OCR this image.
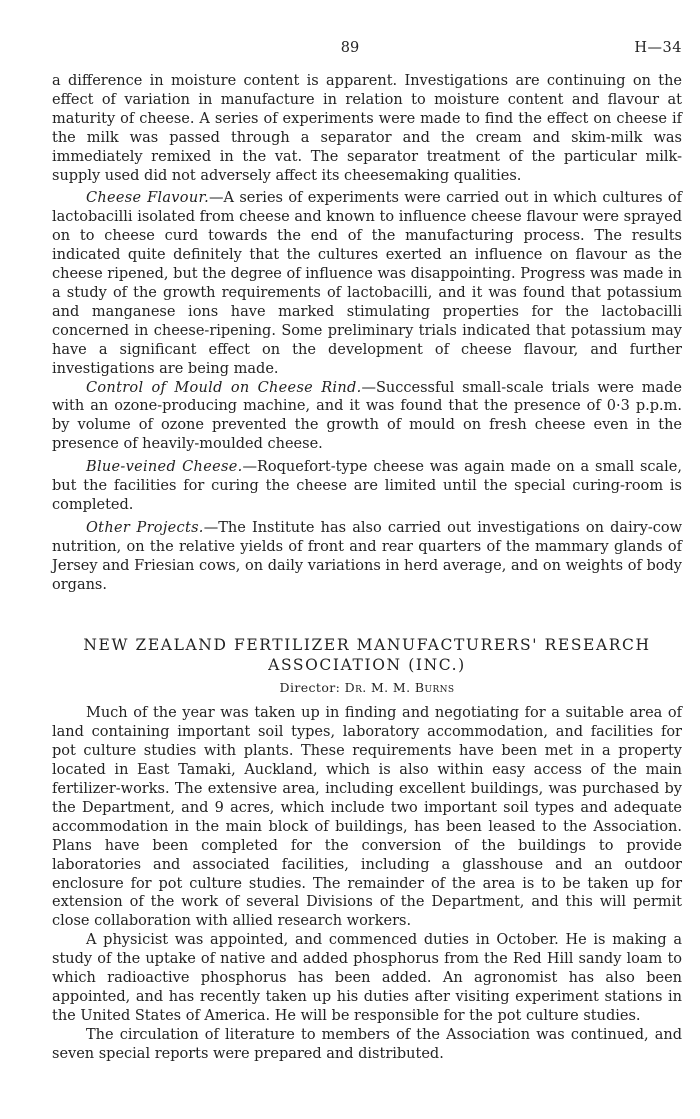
89	H—34

a difference in moisture content is apparent. Investigations are continuing on the effect of variation in manufacture in relation to moisture content and flavour at maturity of cheese. A series of experiments were made to find the effect on cheese if the milk was passed through a separator and the cream and skim-milk was immediately remixed in the vat. The separator treatment of the particular milk-supply used did not adversely affect its cheesemaking qualities.

Cheese Flavour.—A series of experiments were carried out in which cultures of lactobacilli isolated from cheese and known to influence cheese flavour were sprayed on to cheese curd towards the end of the manufacturing process. The results indicated quite definitely that the cultures exerted an influence on flavour as the cheese ripened, but the degree of influence was disappointing. Progress was made in a study of the growth requirements of lactobacilli, and it was found that potassium and manganese ions have marked stimulating properties for the lactobacilli concerned in cheese-ripening. Some preliminary trials indicated that potassium may have a significant effect on the development of cheese flavour, and further investigations are being made.

Control of Mould on Cheese Rind.—Successful small-scale trials were made with an ozone-producing machine, and it was found that the presence of 0·3 p.p.m. by volume of ozone prevented the growth of mould on fresh cheese even in the presence of heavily-moulded cheese.

Blue-veined Cheese.—Roquefort-type cheese was again made on a small scale, but the facilities for curing the cheese are limited until the special curing-room is completed.

Other Projects.—The Institute has also carried out investigations on dairy-cow nutrition, on the relative yields of front and rear quarters of the mammary glands of Jersey and Friesian cows, on daily variations in herd average, and on weights of body organs.

NEW ZEALAND FERTILIZER MANUFACTURERS' RESEARCH ASSOCIATION (INC.)
Director: Dr. M. M. Burns

Much of the year was taken up in finding and negotiating for a suitable area of land containing important soil types, laboratory accommodation, and facilities for pot culture studies with plants. These requirements have been met in a property located in East Tamaki, Auckland, which is also within easy access of the main fertilizer-works. The extensive area, including excellent buildings, was purchased by the Department, and 9 acres, which include two important soil types and adequate accommodation in the main block of buildings, has been leased to the Association. Plans have been completed for the conversion of the buildings to provide laboratories and associated facilities, including a glasshouse and an outdoor enclosure for pot culture studies. The remainder of the area is to be taken up for extension of the work of several Divisions of the Department, and this will permit close collaboration with allied research workers.

A physicist was appointed, and commenced duties in October. He is making a study of the uptake of native and added phosphorus from the Red Hill sandy loam to which radioactive phosphorus has been added. An agronomist has also been appointed, and has recently taken up his duties after visiting experiment stations in the United States of America. He will be responsible for the pot culture studies.

The circulation of literature to members of the Association was continued, and seven special reports were prepared and distributed.
